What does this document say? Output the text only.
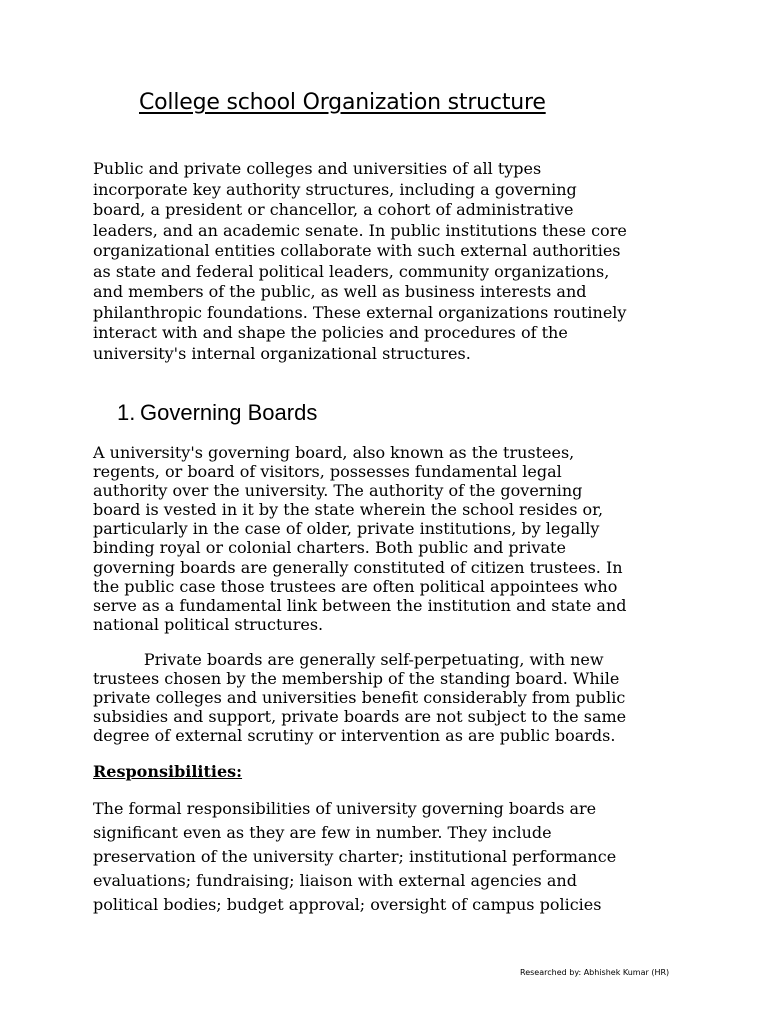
College school Organization structure

Public and private colleges and universities of all types
incorporate key authority structures, including a governing
board, a president or chancellor, a cohort of administrative
leaders, and an academic senate. In public institutions these core
organizational entities collaborate with such external authorities
as state and federal political leaders, community organizations,
and members of the public, as well as business interests and
philanthropic foundations. These external organizations routinely
interact with and shape the policies and procedures of the
university's internal organizational structures.

1. Governing Boards

A university's governing board, also known as the trustees,
regents, or board of visitors, possesses fundamental legal
authority over the university. The authority of the governing
board is vested in it by the state wherein the school resides or,
particularly in the case of older, private institutions, by legally
binding royal or colonial charters. Both public and private
governing boards are generally constituted of citizen trustees. In
the public case those trustees are often political appointees who
serve as a fundamental link between the institution and state and
national political structures.

Private boards are generally self-perpetuating, with new
trustees chosen by the membership of the standing board. While
private colleges and universities benefit considerably from public
subsidies and support, private boards are not subject to the same
degree of external scrutiny or intervention as are public boards.

Responsibilities:

The formal responsibilities of university governing boards are
significant even as they are few in number. They include
preservation of the university charter; institutional performance
evaluations; fundraising; liaison with external agencies and
political bodies; budget approval; oversight of campus policies

Researched by: Abhishek Kumar (HR)
